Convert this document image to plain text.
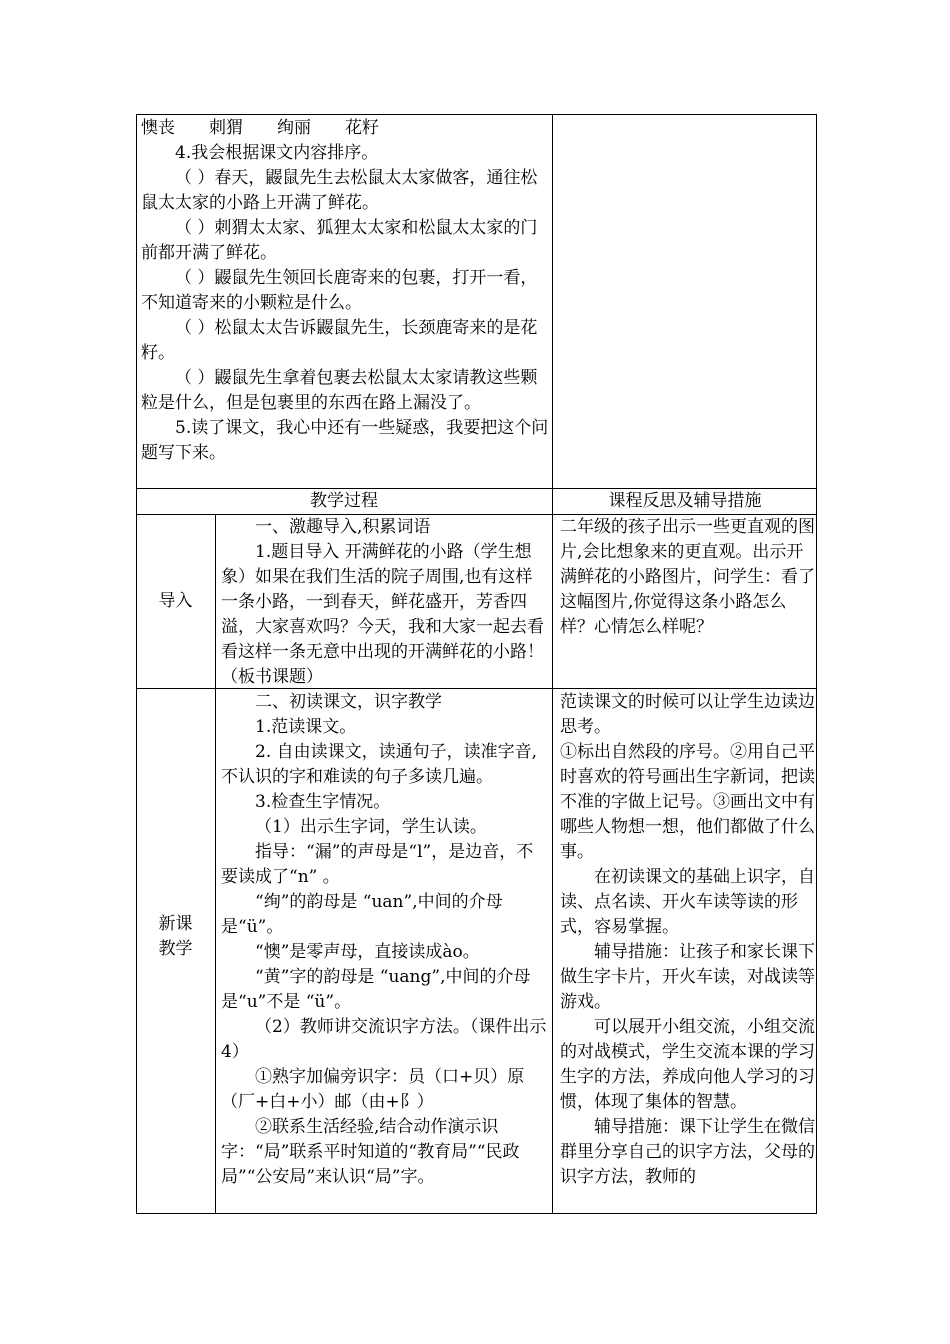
懊丧　　刺猬　　绚丽　　花籽

4.我会根据课文内容排序。

（ ）春天，鼹鼠先生去松鼠太太家做客，通往松鼠太太家的小路上开满了鲜花。

（ ）刺猬太太家、狐狸太太家和松鼠太太家的门前都开满了鲜花。

（ ）鼹鼠先生领回长鹿寄来的包裹，打开一看，不知道寄来的小颗粒是什么。

（ ）松鼠太太告诉鼹鼠先生，长颈鹿寄来的是花籽。

（ ）鼹鼠先生拿着包裹去松鼠太太家请教这些颗粒是什么，但是包裹里的东西在路上漏没了。

5.读了课文，我心中还有一些疑惑，我要把这个问题写下来。

教学过程	课程反思及辅导措施
导入

一、激趣导入,积累词语

1.题目导入 开满鲜花的小路（学生想象）如果在我们生活的院子周围,也有这样一条小路，一到春天，鲜花盛开，芳香四溢，大家喜欢吗？今天，我和大家一起去看看这样一条无意中出现的开满鲜花的小路！（板书课题）

二年级的孩子出示一些更直观的图片,会比想象来的更直观。出示开满鲜花的小路图片，问学生：看了这幅图片,你觉得这条小路怎么样？心情怎么样呢？

新课
教学

二、初读课文，识字教学

1.范读课文。

2. 自由读课文，读通句子，读准字音,不认识的字和难读的句子多读几遍。

3.检查生字情况。

（1）出示生字词，学生认读。

指导：“漏”的声母是“l”，是边音，不要读成了“n” 。

“绚”的韵母是 “uan”,中间的介母是“ü”。

“懊”是零声母，直接读成ào。

“黄”字的韵母是 “uang”,中间的介母是“u”不是 “ü”。

（2）教师讲交流识字方法。（课件出示4）

①熟字加偏旁识字：员（口+贝）原（厂+白+小）邮（由+阝）

②联系生活经验,结合动作演示识字：“局”联系平时知道的“教育局”“民政局”“公安局”来认识“局”字。

范读课文的时候可以让学生边读边思考。

①标出自然段的序号。②用自己平时喜欢的符号画出生字新词，把读不准的字做上记号。③画出文中有哪些人物想一想，他们都做了什么事。

在初读课文的基础上识字，自读、点名读、开火车读等读的形式，容易掌握。

辅导措施：让孩子和家长课下做生字卡片，开火车读，对战读等游戏。

可以展开小组交流，小组交流的对战模式，学生交流本课的学习生字的方法，养成向他人学习的习惯，体现了集体的智慧。

辅导措施：课下让学生在微信群里分享自己的识字方法，父母的识字方法，教师的
